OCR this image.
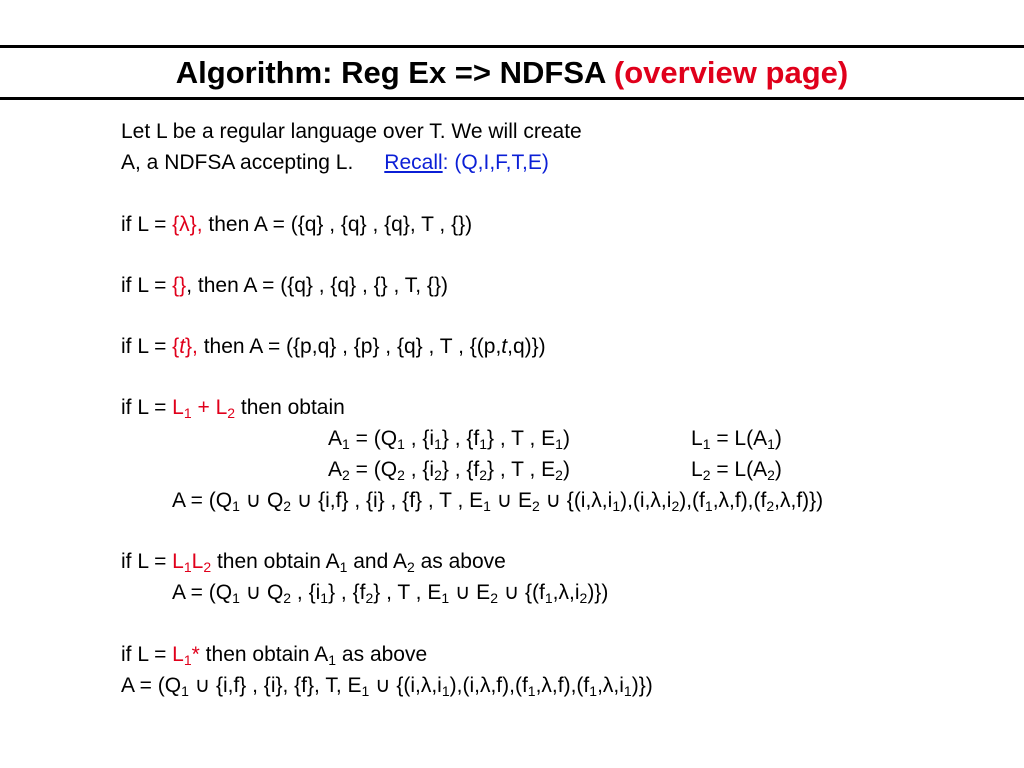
Algorithm: Reg Ex => NDFSA (overview page)
Let L be a regular language over T. We will create
A, a NDFSA accepting L. Recall: (Q,I,F,T,E)
if L = {λ}, then A = ({q} , {q} , {q}, T , {})
if L = {}, then A = ({q} , {q} , {} , T, {})
if L = {t}, then A = ({p,q} , {p} , {q} , T , {(p,t,q)})
if $L = L_1 + L_2$ then obtain
$A_1 = (Q_1$ , $\{i_1\}$ , $\{f_1\}$ , T , $E_1$)	$L_1 = L(A_1)$
$A_2 = (Q_2$ , $\{i_2\}$ , $\{f_2\}$ , T , $E_2$)	$L_2 = L(A_2)$
$A = (Q_1$ ∪ $Q_2$ ∪ {i,f} , {i} , {f} , T , $E_1$ ∪ $E_2$ ∪ $\{(i,\lambda,i_1),(i,\lambda,i_2),(f_1,\lambda,f),(f_2,\lambda,f)\}$)
if $L = L_1L_2$ then obtain $A_1$ and $A_2$ as above
$A = (Q_1$ ∪ $Q_2$ , $\{i_1\}$ , $\{f_2\}$ , T , $E_1$ ∪ $E_2$ ∪ $\{(f_1,\lambda,i_2)\}$)
if $L = L_1*$ then obtain $A_1$ as above
$A = (Q_1$ ∪ {i,f} , {i}, {f}, T, $E_1$ ∪ $\{(i,\lambda,i_1),(i,\lambda,f),(f_1,\lambda,f),(f_1,\lambda,i_1)\}$)
